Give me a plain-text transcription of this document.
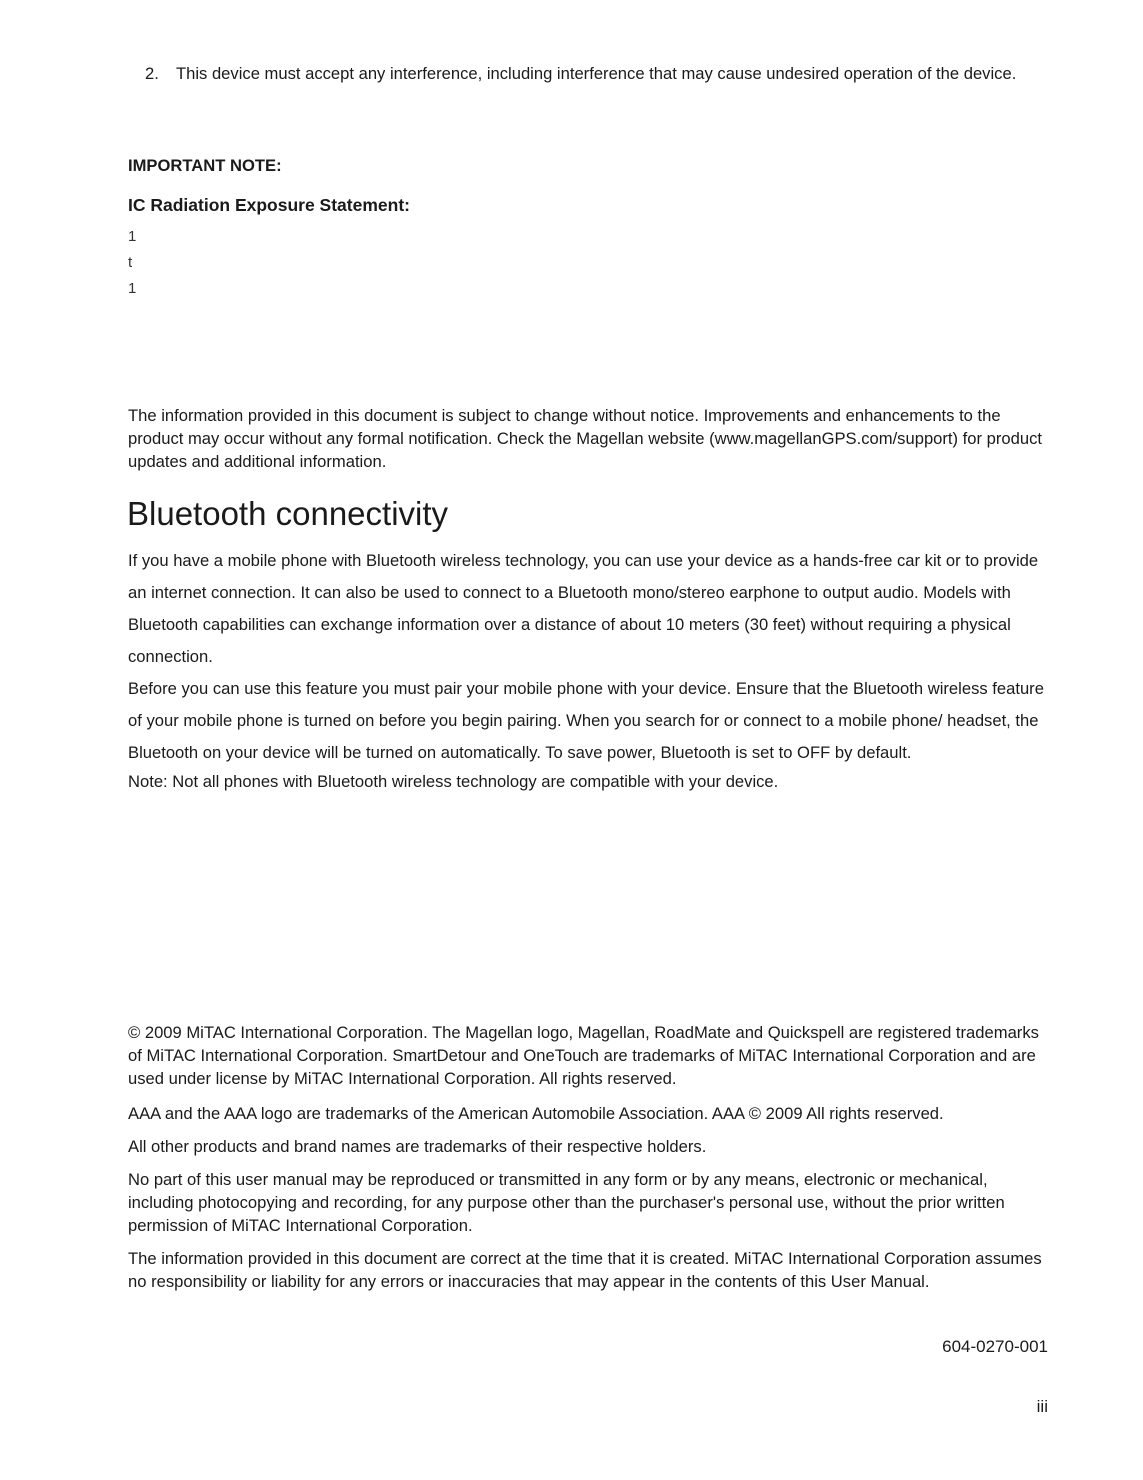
2. This device must accept any interference, including interference that may cause undesired operation of the device.

IMPORTANT NOTE:

IC Radiation Exposure Statement:

1
t
1

The information provided in this document is subject to change without notice. Improvements and enhancements to the product may occur without any formal notification. Check the Magellan website (www.magellanGPS.com/support) for product updates and additional information.

Bluetooth connectivity

If you have a mobile phone with Bluetooth wireless technology, you can use your device as a hands-free car kit or to provide an internet connection. It can also be used to connect to a Bluetooth mono/stereo earphone to output audio. Models with Bluetooth capabilities can exchange information over a distance of about 10 meters (30 feet) without requiring a physical connection.

Before you can use this feature you must pair your mobile phone with your device. Ensure that the Bluetooth wireless feature of your mobile phone is turned on before you begin pairing. When you search for or connect to a mobile phone/ headset, the Bluetooth on your device will be turned on automatically. To save power, Bluetooth is set to OFF by default.

Note: Not all phones with Bluetooth wireless technology are compatible with your device.

© 2009 MiTAC International Corporation. The Magellan logo, Magellan, RoadMate and Quickspell are registered trademarks of MiTAC International Corporation. SmartDetour and OneTouch are trademarks of MiTAC International Corporation and are used under license by MiTAC International Corporation. All rights reserved.

AAA and the AAA logo are trademarks of the American Automobile Association. AAA © 2009 All rights reserved.

All other products and brand names are trademarks of their respective holders.

No part of this user manual may be reproduced or transmitted in any form or by any means, electronic or mechanical, including photocopying and recording, for any purpose other than the purchaser's personal use, without the prior written permission of MiTAC International Corporation.

The information provided in this document are correct at the time that it is created. MiTAC International Corporation assumes no responsibility or liability for any errors or inaccuracies that may appear in the contents of this User Manual.

604-0270-001
iii
